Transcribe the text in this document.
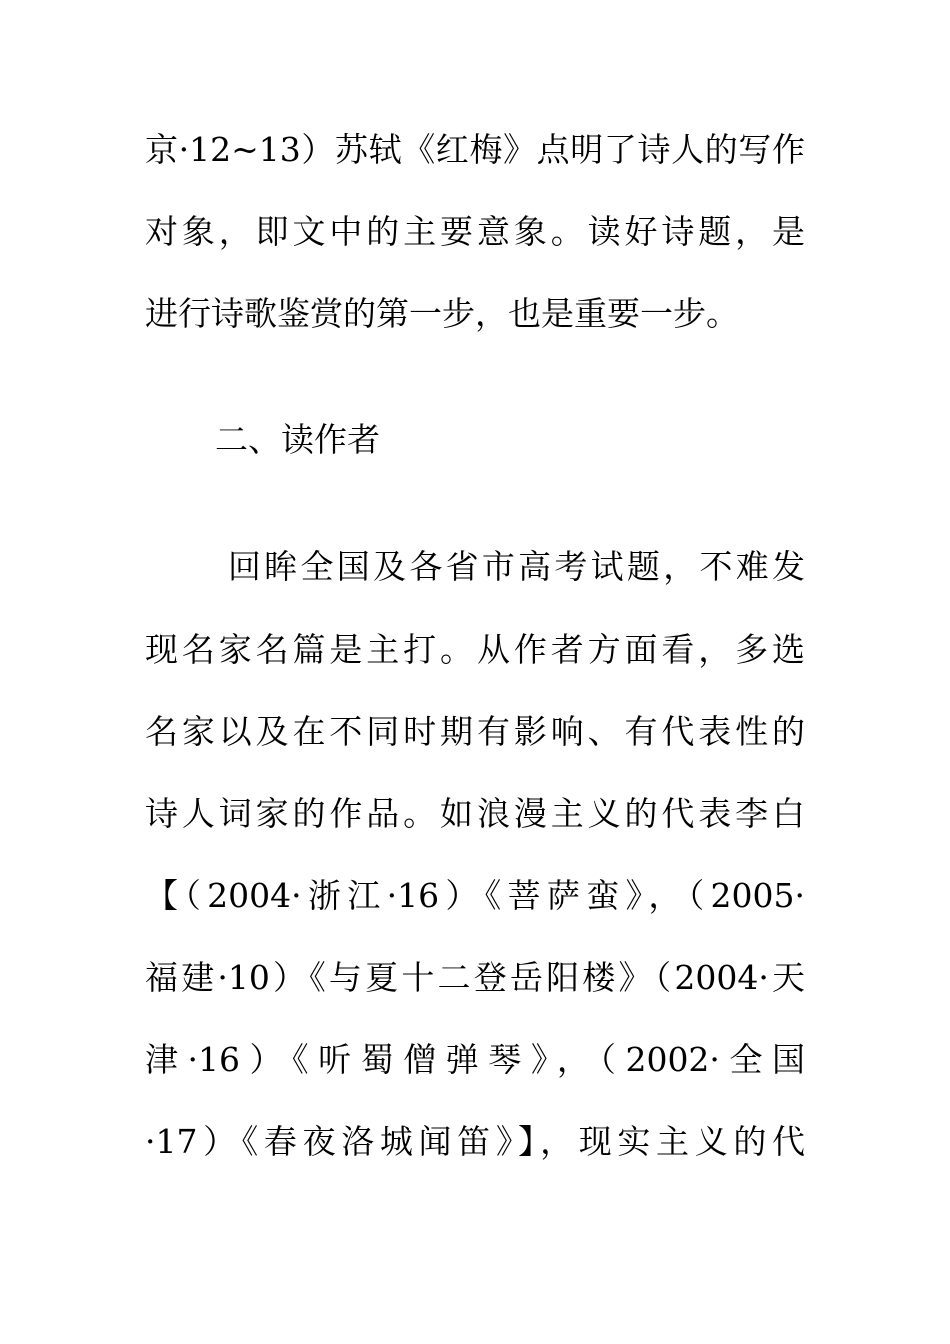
京·12~13）苏轼《红梅》点明了诗人的写作
对象，即文中的主要意象。读好诗题，是
进行诗歌鉴赏的第一步，也是重要一步。
二、读作者
回眸全国及各省市高考试题，不难发
现名家名篇是主打。从作者方面看，多选
名家以及在不同时期有影响、有代表性的
诗人词家的作品。如浪漫主义的代表李白
【（2004·浙江·16）《菩萨蛮》，（2005·
福建·10）《与夏十二登岳阳楼》（2004·天
津·16）《听蜀僧弹琴》，（2002·全国
·17）《春夜洛城闻笛》】，现实主义的代
